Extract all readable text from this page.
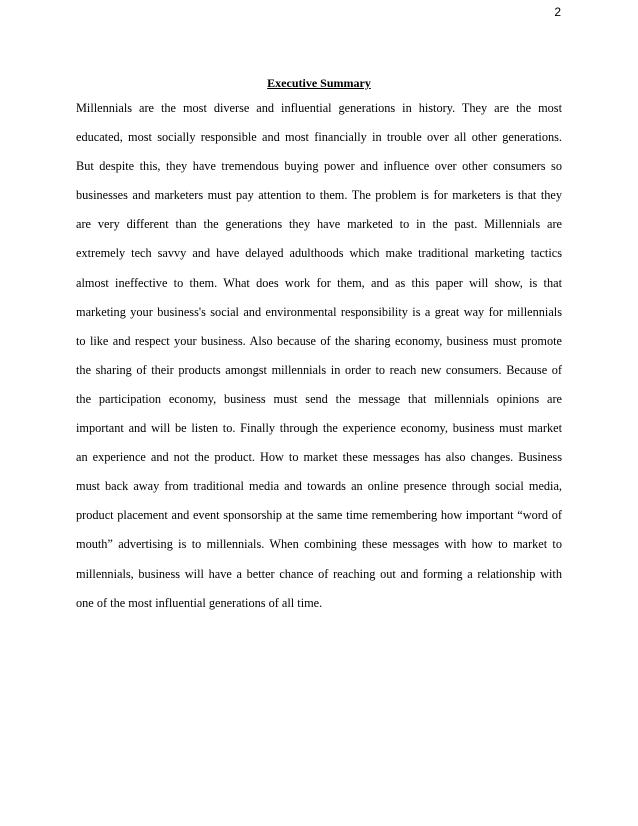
2
Executive Summary
Millennials are the most diverse and influential generations in history. They are the most
educated, most socially responsible and most financially in trouble over all other generations.
But despite this, they have tremendous buying power and influence over other consumers so
businesses and marketers must pay attention to them. The problem is for marketers is that they
are very different than the generations they have marketed to in the past. Millennials are
extremely tech savvy and have delayed adulthoods which make traditional marketing tactics
almost ineffective to them. What does work for them, and as this paper will show, is that
marketing your business's social and environmental responsibility is a great way for millennials
to like and respect your business. Also because of the sharing economy, business must promote
the sharing of their products amongst millennials in order to reach new consumers. Because of
the participation economy, business must send the message that millennials opinions are
important and will be listen to. Finally through the experience economy, business must market
an experience and not the product. How to market these messages has also changes. Business
must back away from traditional media and towards an online presence through social media,
product placement and event sponsorship at the same time remembering how important “word of
mouth” advertising is to millennials. When combining these messages with how to market to
millennials, business will have a better chance of reaching out and forming a relationship with
one of the most influential generations of all time.
